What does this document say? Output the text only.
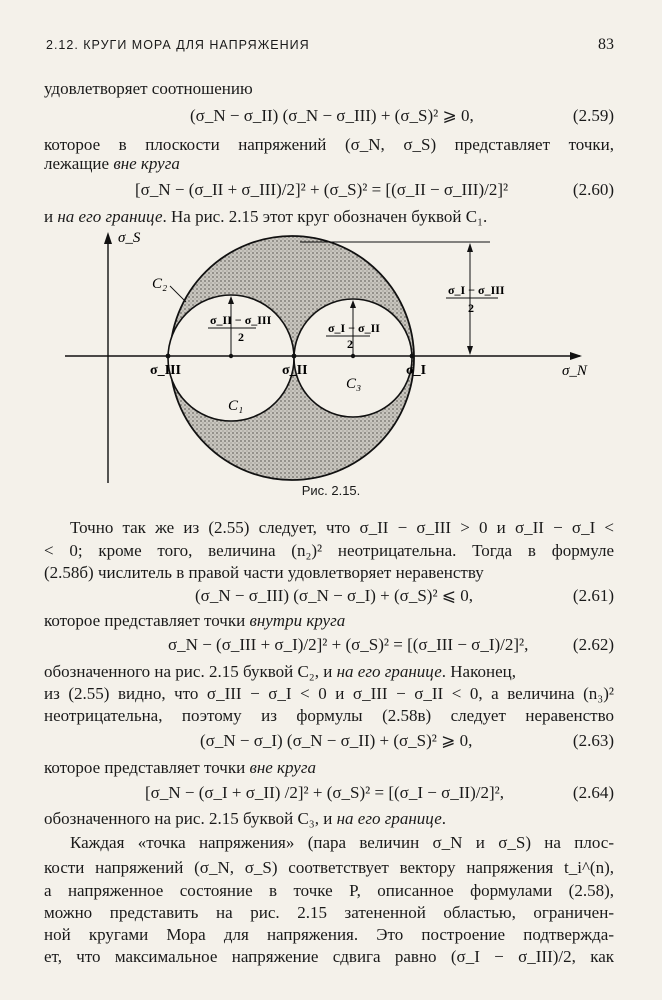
2.12. КРУГИ МОРА ДЛЯ НАПРЯЖЕНИЯ	83
удовлетворяет соотношению
(σ_N − σ_II) (σ_N − σ_III) + (σ_S)² ⩾ 0,	(2.59)
которое в плоскости напряжений (σ_N, σ_S) представляет точки,
лежащие вне круга
[σ_N − (σ_II + σ_III)/2]² + (σ_S)² = [(σ_II − σ_III)/2]²	(2.60)
и на его границе. На рис. 2.15 этот круг обозначен буквой C₁.
σ_S
σ_N
σ_III	σ_II	σ_I
C₂
C₁
C₃
σ_II − σ_III
2
σ_I − σ_II
2
σ_I − σ_III
2
Рис. 2.15.
Точно так же из (2.55) следует, что σ_II − σ_III > 0 и σ_II − σ_I <
< 0; кроме того, величина (n₂)² неотрицательна. Тогда в формуле
(2.58б) числитель в правой части удовлетворяет неравенству
(σ_N − σ_III) (σ_N − σ_I) + (σ_S)² ⩽ 0,	(2.61)
которое представляет точки внутри круга
σ_N − (σ_III + σ_I)/2]² + (σ_S)² = [(σ_III − σ_I)/2]²,	(2.62)
обозначенного на рис. 2.15 буквой C₂, и на его границе. Наконец,
из (2.55) видно, что σ_III − σ_I < 0 и σ_III − σ_II < 0, а величина (n₃)²
неотрицательна, поэтому из формулы (2.58в) следует неравенство
(σ_N − σ_I) (σ_N − σ_II) + (σ_S)² ⩾ 0,	(2.63)
которое представляет точки вне круга
[σ_N − (σ_I + σ_II) /2]² + (σ_S)² = [(σ_I − σ_II)/2]²,	(2.64)
обозначенного на рис. 2.15 буквой C₃, и на его границе.
Каждая «точка напряжения» (пара величин σ_N и σ_S) на плос-
кости напряжений (σ_N, σ_S) соответствует вектору напряжения t_i^(n),
а напряженное состояние в точке P, описанное формулами (2.58),
можно представить на рис. 2.15 затененной областью, ограничен-
ной кругами Мора для напряжения. Это построение подтверждa-
ет, что максимальное напряжение сдвига равно (σ_I − σ_III)/2, как
